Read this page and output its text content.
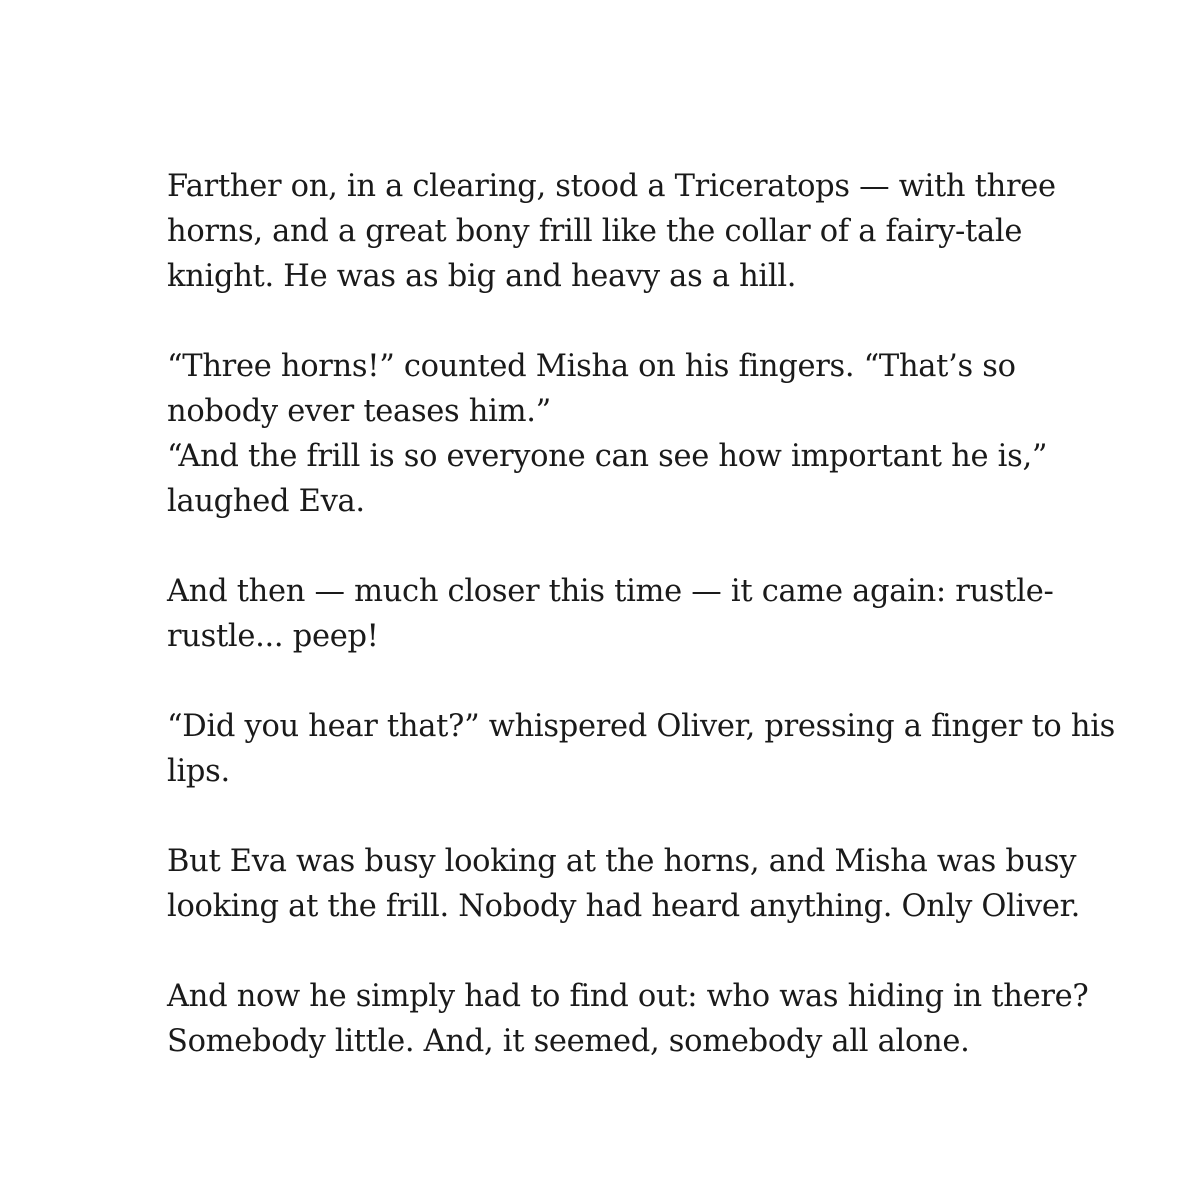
Farther on, in a clearing, stood a Triceratops — with three
horns, and a great bony frill like the collar of a fairy-tale
knight. He was as big and heavy as a hill.

“Three horns!” counted Misha on his fingers. “That’s so
nobody ever teases him.”
“And the frill is so everyone can see how important he is,”
laughed Eva.

And then — much closer this time — it came again: rustle-
rustle... peep!

“Did you hear that?” whispered Oliver, pressing a finger to his
lips.

But Eva was busy looking at the horns, and Misha was busy
looking at the frill. Nobody had heard anything. Only Oliver.

And now he simply had to find out: who was hiding in there?
Somebody little. And, it seemed, somebody all alone.
